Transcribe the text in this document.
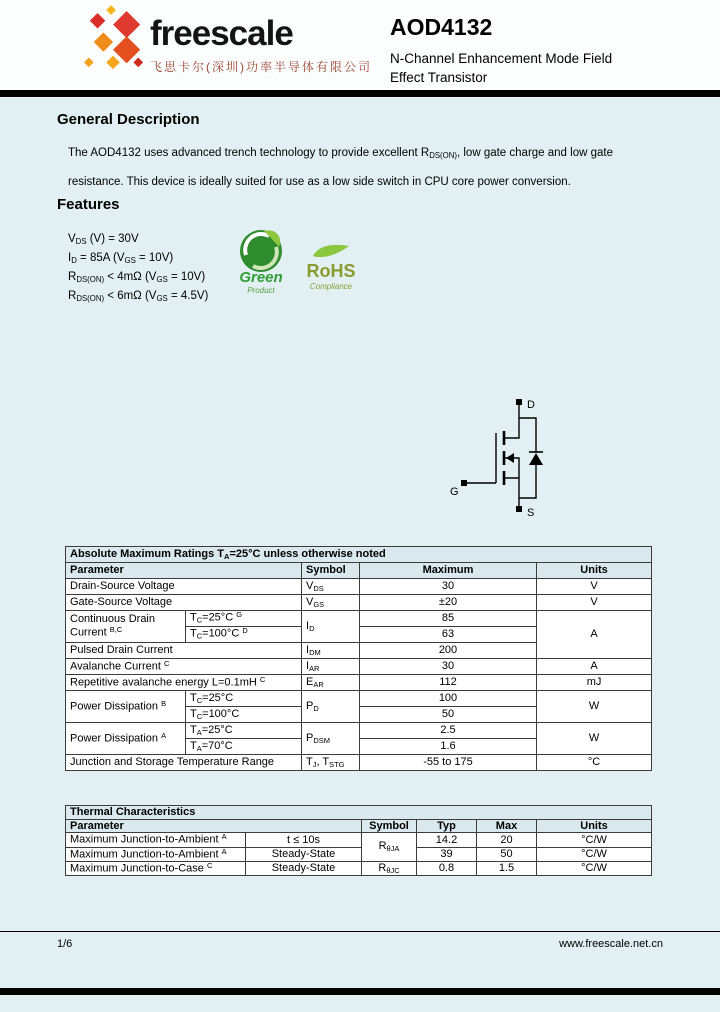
freescale
飞思卡尔(深圳)功率半导体有限公司
AOD4132
N-Channel Enhancement Mode Field Effect Transistor
General Description

The AOD4132 uses advanced trench technology to provide excellent $R_{DS(ON)}$, low gate charge and low gate resistance. This device is ideally suited for use as a low side switch in CPU core power conversion.

Features
$V_{DS}$ (V) = 30V
$I_D = 85A$ $(V_{GS} = 10V)$
$R_{DS(ON)} < 4m\Omega$ $(V_{GS} = 10V)$
$R_{DS(ON)} < 6m\Omega$ $(V_{GS} = 4.5V)$
Green
Product
RoHS
Compliance
D
G
S
Absolute Maximum Ratings $T_A=25^\circ C$ unless otherwise noted				
Parameter		Symbol	Maximum	Units
Drain-Source Voltage		$V_{DS}$	30	V
Gate-Source Voltage		$V_{GS}$	±20	V
Continuous Drain Current $^{B,C}$	$T_C=25^\circ C$ $^G$	$I_D$	85	A
	$T_C=100^\circ C$ $^D$		63	
Pulsed Drain Current		$I_{DM}$	200	
Avalanche Current $^C$		$I_{AR}$	30	A
Repetitive avalanche energy L=0.1mH $^C$		$E_{AR}$	112	mJ
Power Dissipation $^B$	$T_C=25^\circ C$	$P_D$	100	W
	$T_C=100^\circ C$		50	
Power Dissipation $^A$	$T_A=25^\circ C$	$P_{DSM}$	2.5	W
	$T_A=70^\circ C$		1.6	
Junction and Storage Temperature Range		$T_J$, $T_{STG}$	-55 to 175	°C
Thermal Characteristics					
Parameter		Symbol	Typ	Max	Units
Maximum Junction-to-Ambient $^A$	t ≤ 10s	$R_{\theta JA}$	14.2	20	°C/W
Maximum Junction-to-Ambient $^A$	Steady-State		39	50	°C/W
Maximum Junction-to-Case $^C$	Steady-State	$R_{\theta JC}$	0.8	1.5	°C/W
1/6	www.freescale.net.cn
